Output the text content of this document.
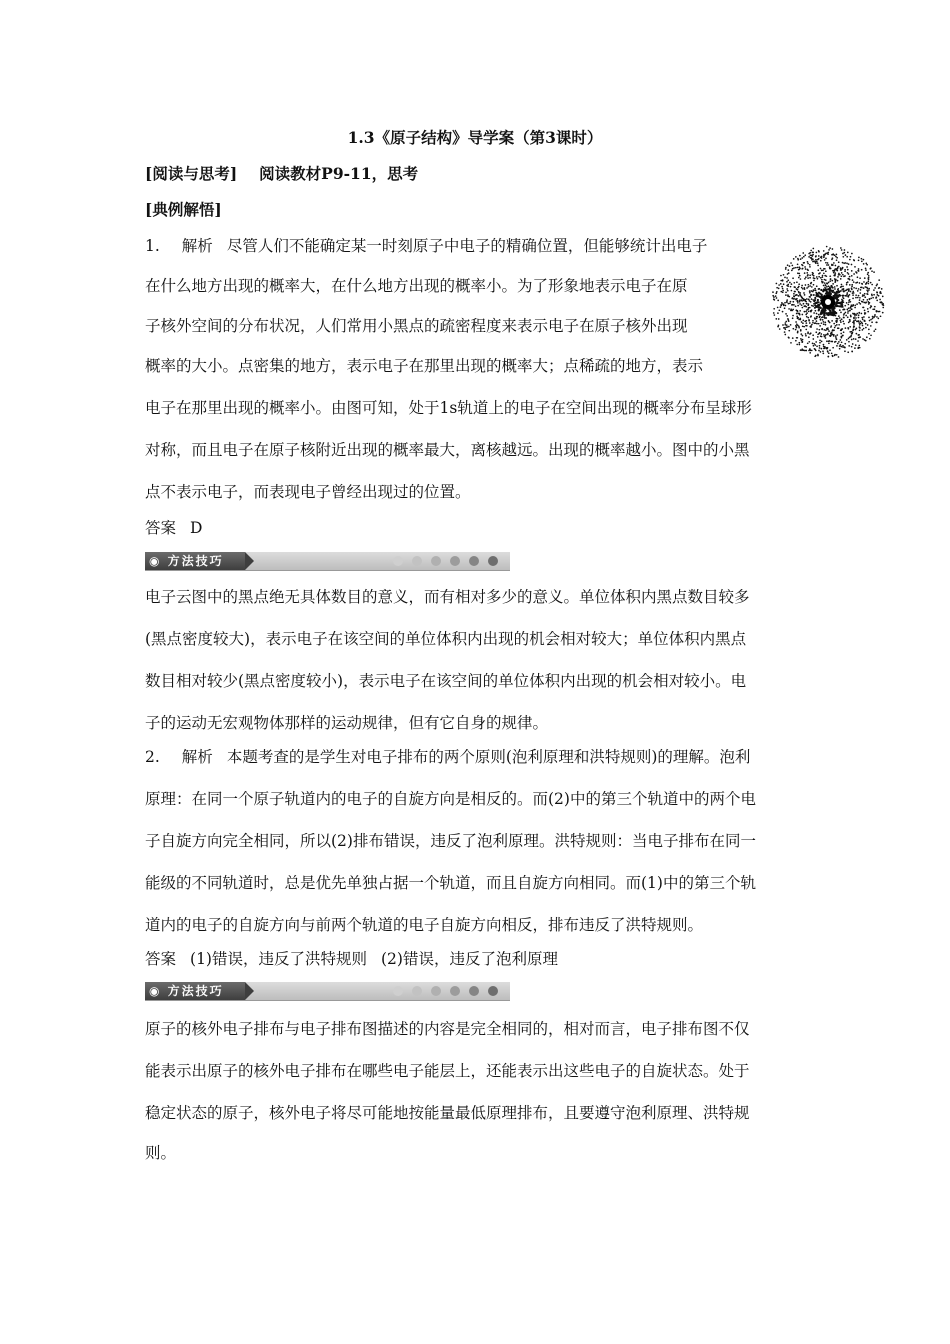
1.3《原子结构》导学案（第3课时）
[阅读与思考] 阅读教材P9-11，思考
[典例解悟]
1. 解析 尽管人们不能确定某一时刻原子中电子的精确位置，但能够统计出电子
在什么地方出现的概率大，在什么地方出现的概率小。为了形象地表示电子在原
子核外空间的分布状况，人们常用小黑点的疏密程度来表示电子在原子核外出现
概率的大小。点密集的地方，表示电子在那里出现的概率大；点稀疏的地方，表示
电子在那里出现的概率小。由图可知，处于1s轨道上的电子在空间出现的概率分布呈球形
对称，而且电子在原子核附近出现的概率最大，离核越远。出现的概率越小。图中的小黑
点不表示电子，而表现电子曾经出现过的位置。
答案 D
◉ 方法技巧
电子云图中的黑点绝无具体数目的意义，而有相对多少的意义。单位体积内黑点数目较多
(黑点密度较大)，表示电子在该空间的单位体积内出现的机会相对较大；单位体积内黑点
数目相对较少(黑点密度较小)，表示电子在该空间的单位体积内出现的机会相对较小。电
子的运动无宏观物体那样的运动规律，但有它自身的规律。
2. 解析 本题考查的是学生对电子排布的两个原则(泡利原理和洪特规则)的理解。泡利
原理：在同一个原子轨道内的电子的自旋方向是相反的。而(2)中的第三个轨道中的两个电
子自旋方向完全相同，所以(2)排布错误，违反了泡利原理。洪特规则：当电子排布在同一
能级的不同轨道时，总是优先单独占据一个轨道，而且自旋方向相同。而(1)中的第三个轨
道内的电子的自旋方向与前两个轨道的电子自旋方向相反，排布违反了洪特规则。
答案 (1)错误，违反了洪特规则 (2)错误，违反了泡利原理
◉ 方法技巧
原子的核外电子排布与电子排布图描述的内容是完全相同的，相对而言，电子排布图不仅
能表示出原子的核外电子排布在哪些电子能层上，还能表示出这些电子的自旋状态。处于
稳定状态的原子，核外电子将尽可能地按能量最低原理排布，且要遵守泡利原理、洪特规
则。
